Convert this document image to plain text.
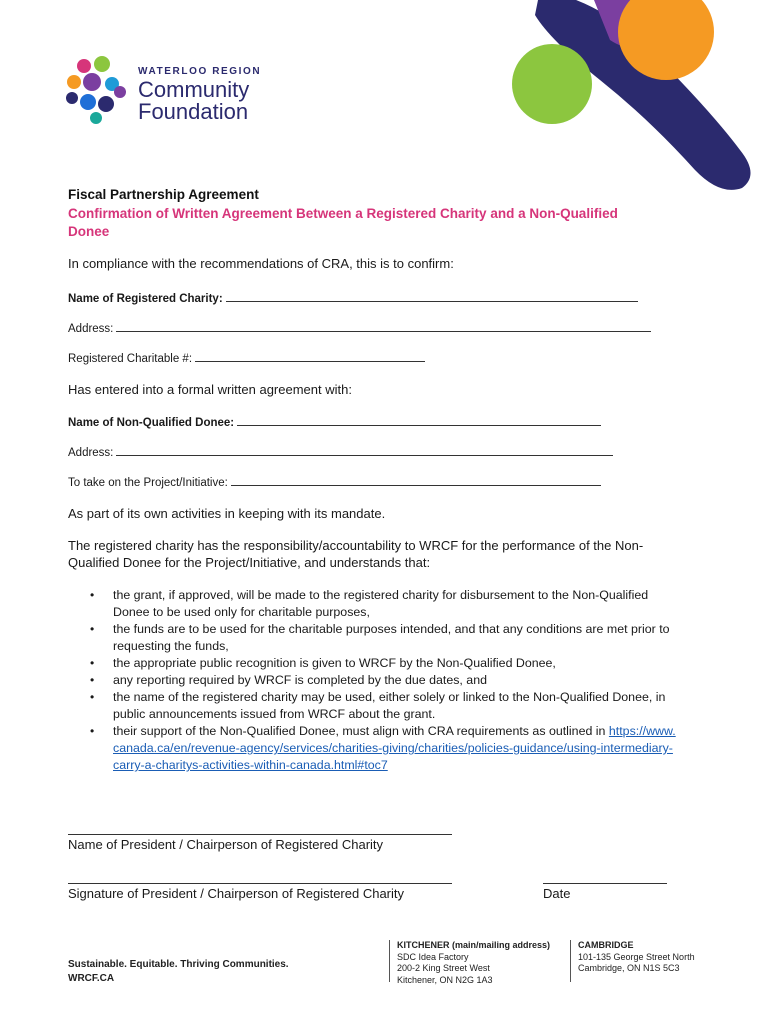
WATERLOO REGION
Community
Foundation
Fiscal Partnership Agreement
Confirmation of Written Agreement Between a Registered Charity and a Non-Qualified Donee
In compliance with the recommendations of CRA, this is to confirm:
Name of Registered Charity:
Address:
Registered Charitable #:
Has entered into a formal written agreement with:
Name of Non-Qualified Donee:
Address:
To take on the Project/Initiative:
As part of its own activities in keeping with its mandate.
The registered charity has the responsibility/accountability to WRCF for the performance of the Non-Qualified Donee for the Project/Initiative, and understands that:
• the grant, if approved, will be made to the registered charity for disbursement to the Non-Qualified Donee to be used only for charitable purposes,
• the funds are to be used for the charitable purposes intended, and that any conditions are met prior to requesting the funds,
• the appropriate public recognition is given to WRCF by the Non-Qualified Donee,
• any reporting required by WRCF is completed by the due dates, and
• the name of the registered charity may be used, either solely or linked to the Non-Qualified Donee, in public announcements issued from WRCF about the grant.
• their support of the Non-Qualified Donee, must align with CRA requirements as outlined in https://www.canada.ca/en/revenue-agency/services/charities-giving/charities/policies-guidance/using-intermediary-carry-a-charitys-activities-within-canada.html#toc7
Name of President / Chairperson of Registered Charity
Signature of President / Chairperson of Registered Charity	Date
Sustainable. Equitable. Thriving Communities.
WRCF.CA
KITCHENER (main/mailing address)
SDC Idea Factory
200-2 King Street West
Kitchener, ON N2G 1A3
CAMBRIDGE
101-135 George Street North
Cambridge, ON N1S 5C3
